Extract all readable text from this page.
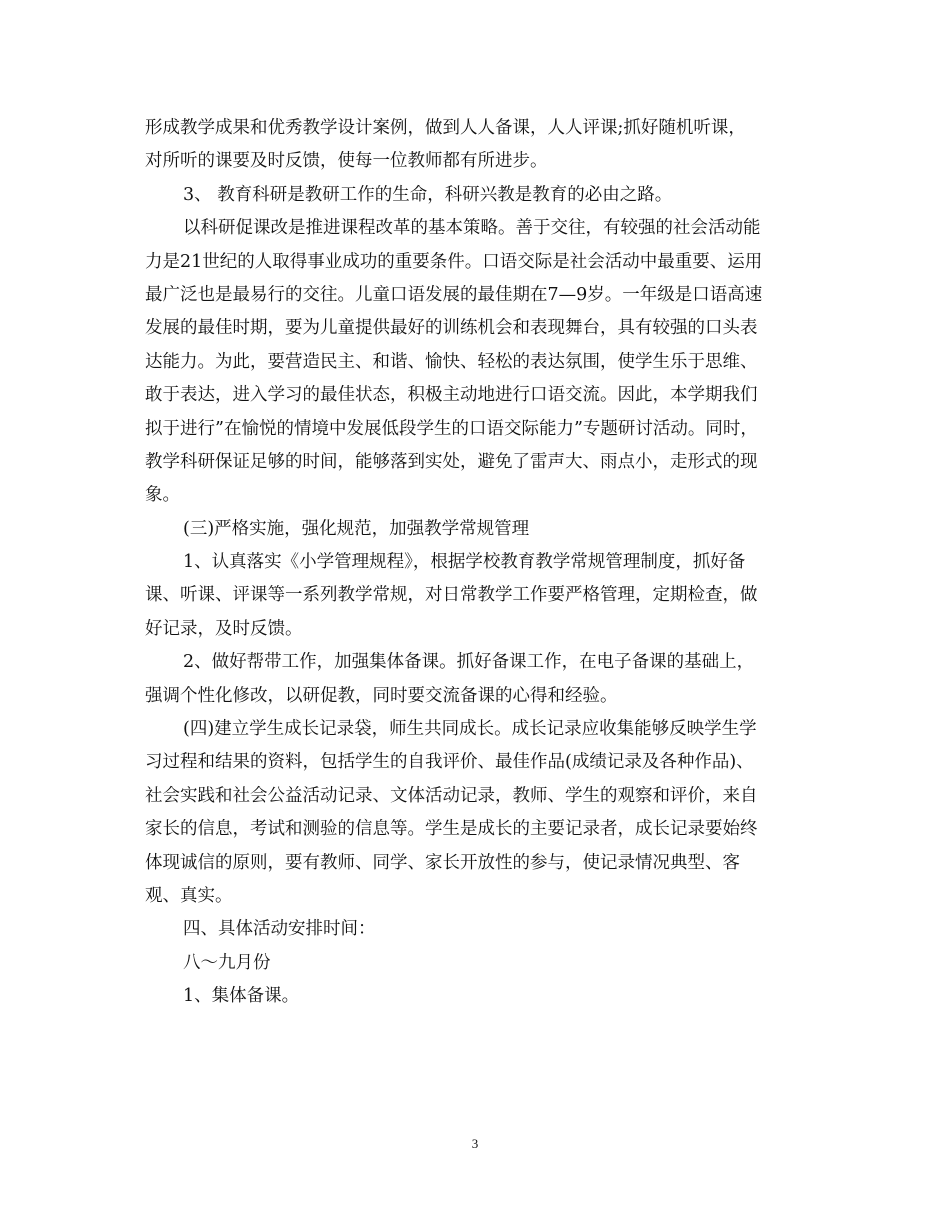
形成教学成果和优秀教学设计案例，做到人人备课，人人评课;抓好随机听课，
对所听的课要及时反馈，使每一位教师都有所进步。
3、 教育科研是教研工作的生命，科研兴教是教育的必由之路。
以科研促课改是推进课程改革的基本策略。善于交往，有较强的社会活动能
力是21世纪的人取得事业成功的重要条件。口语交际是社会活动中最重要、运用
最广泛也是最易行的交往。儿童口语发展的最佳期在7—9岁。一年级是口语高速
发展的最佳时期，要为儿童提供最好的训练机会和表现舞台，具有较强的口头表
达能力。为此，要营造民主、和谐、愉快、轻松的表达氛围，使学生乐于思维、
敢于表达，进入学习的最佳状态，积极主动地进行口语交流。因此，本学期我们
拟于进行”在愉悦的情境中发展低段学生的口语交际能力”专题研讨活动。同时，
教学科研保证足够的时间，能够落到实处，避免了雷声大、雨点小，走形式的现
象。
(三)严格实施，强化规范，加强教学常规管理
1、认真落实《小学管理规程》，根据学校教育教学常规管理制度，抓好备
课、听课、评课等一系列教学常规，对日常教学工作要严格管理，定期检查，做
好记录，及时反馈。
2、做好帮带工作，加强集体备课。抓好备课工作，在电子备课的基础上，
强调个性化修改，以研促教，同时要交流备课的心得和经验。
(四)建立学生成长记录袋，师生共同成长。成长记录应收集能够反映学生学
习过程和结果的资料，包括学生的自我评价、最佳作品(成绩记录及各种作品)、
社会实践和社会公益活动记录、文体活动记录，教师、学生的观察和评价，来自
家长的信息，考试和测验的信息等。学生是成长的主要记录者，成长记录要始终
体现诚信的原则，要有教师、同学、家长开放性的参与，使记录情况典型、客
观、真实。
四、具体活动安排时间：
八～九月份
1、集体备课。

3
